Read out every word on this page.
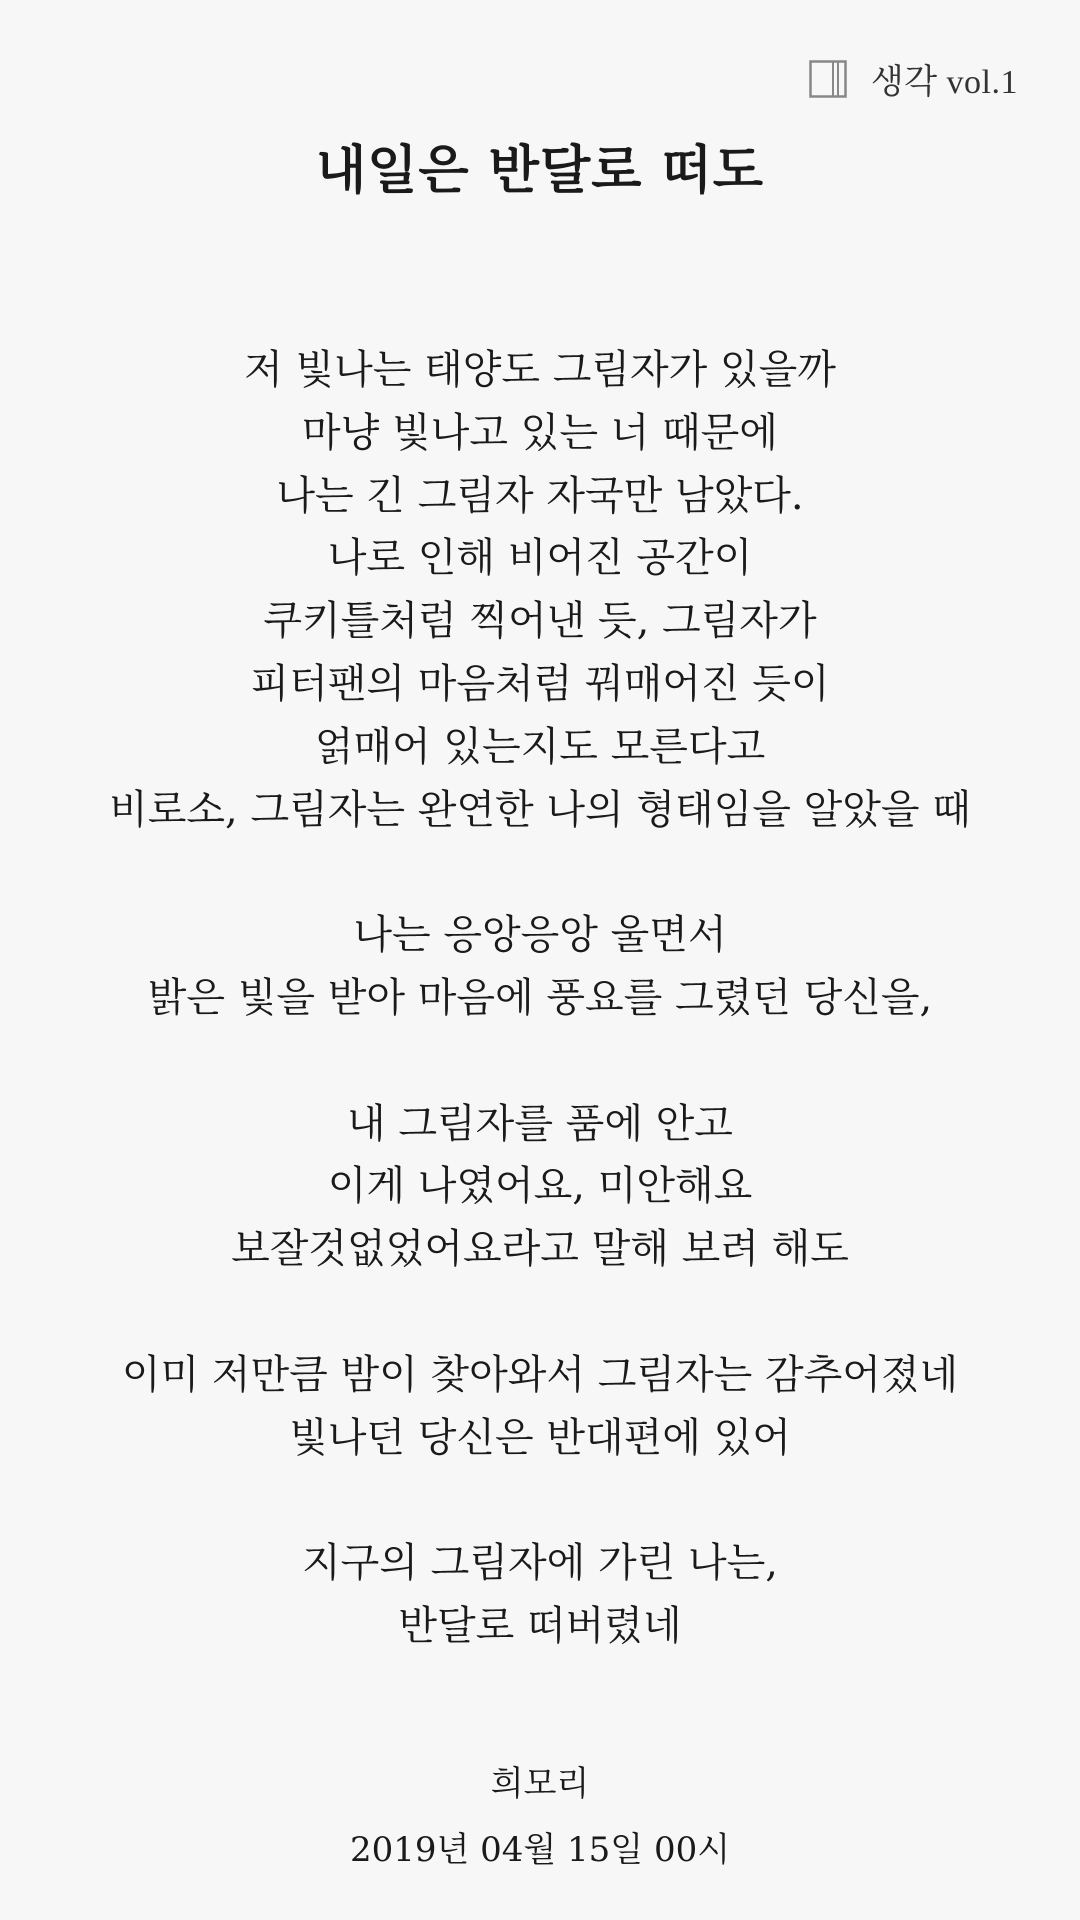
생각 vol.1
내일은 반달로 떠도
저 빛나는 태양도 그림자가 있을까
마냥 빛나고 있는 너 때문에
나는 긴 그림자 자국만 남았다.
나로 인해 비어진 공간이
쿠키틀처럼 찍어낸 듯, 그림자가
피터팬의 마음처럼 꿔매어진 듯이
얽매어 있는지도 모른다고
비로소, 그림자는 완연한 나의 형태임을 알았을 때
나는 응앙응앙 울면서
밝은 빛을 받아 마음에 풍요를 그렸던 당신을,
내 그림자를 품에 안고
이게 나였어요, 미안해요
보잘것없었어요라고 말해 보려 해도
이미 저만큼 밤이 찾아와서 그림자는 감추어졌네
빛나던 당신은 반대편에 있어
지구의 그림자에 가린 나는,
반달로 떠버렸네
희모리
2019년 04월 15일 00시
